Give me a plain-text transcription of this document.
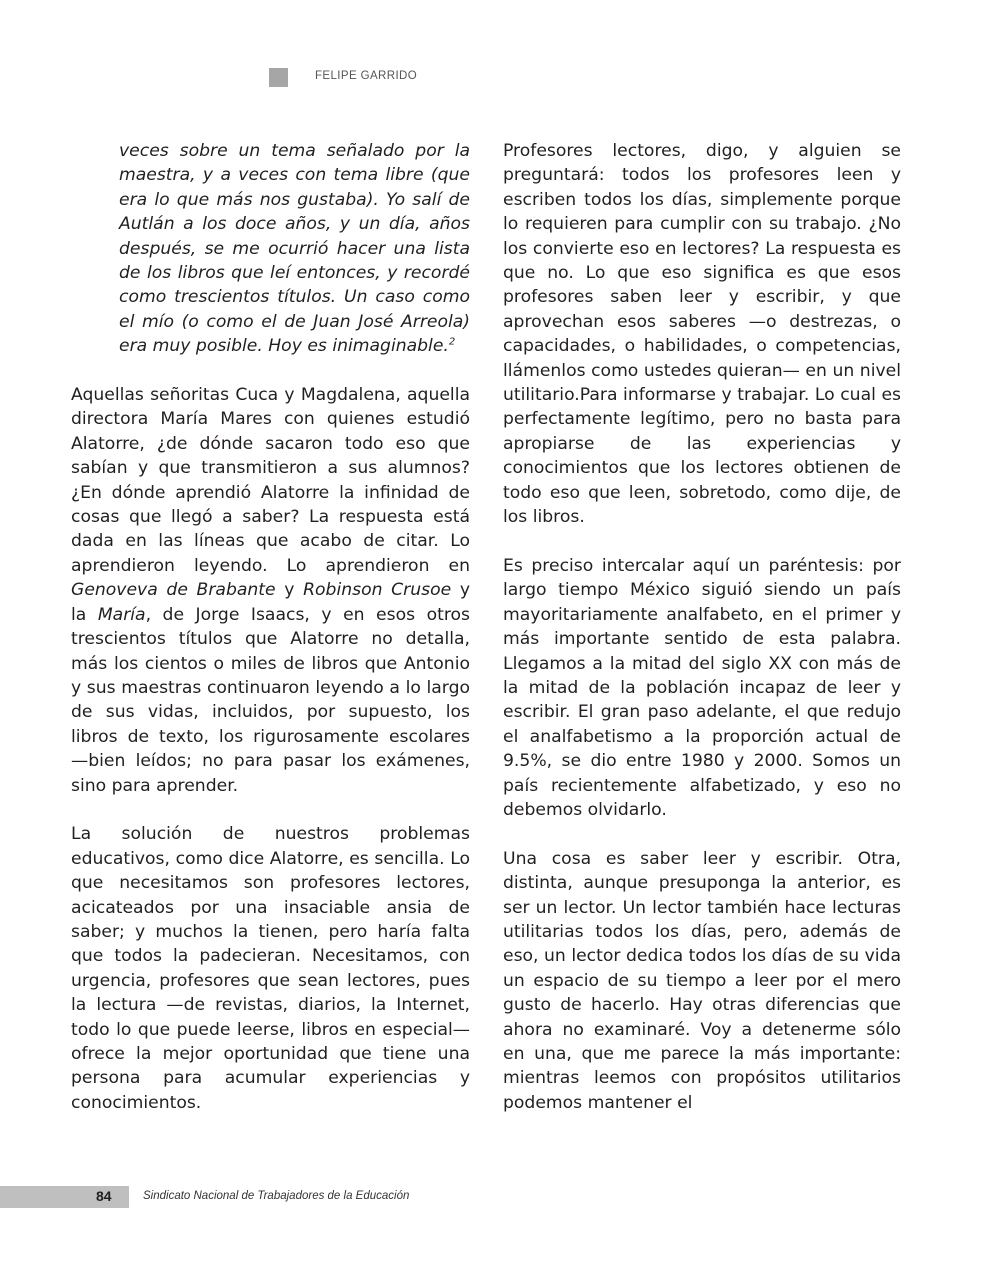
FELIPE GARRIDO

veces sobre un tema señalado por la maestra, y a veces con tema libre (que era lo que más nos gustaba). Yo salí de Autlán a los doce años, y un día, años después, se me ocurrió hacer una lista de los libros que leí entonces, y recordé como trescientos títulos. Un caso como el mío (o como el de Juan José Arreola) era muy posible. Hoy es inimaginable.$^2$

Aquellas señoritas Cuca y Magdalena, aquella directora María Mares con quienes estudió Alatorre, ¿de dónde sacaron todo eso que sabían y que transmitieron a sus alumnos? ¿En dónde aprendió Alatorre la infinidad de cosas que llegó a saber? La respuesta está dada en las líneas que acabo de citar. Lo aprendieron leyendo. Lo aprendieron en Genoveva de Brabante y Robinson Crusoe y la María, de Jorge Isaacs, y en esos otros trescientos títulos que Alatorre no detalla, más los cientos o miles de libros que Antonio y sus maestras continuaron leyendo a lo largo de sus vidas, incluidos, por supuesto, los libros de texto, los rigurosamente escolares —bien leídos; no para pasar los exámenes, sino para aprender.

La solución de nuestros problemas educativos, como dice Alatorre, es sencilla. Lo que necesitamos son profesores lectores, acicateados por una insaciable ansia de saber; y muchos la tienen, pero haría falta que todos la padecieran. Necesitamos, con urgencia, profesores que sean lectores, pues la lectura —de revistas, diarios, la Internet, todo lo que puede leerse, libros en especial— ofrece la mejor oportunidad que tiene una persona para acumular experiencias y conocimientos.

Profesores lectores, digo, y alguien se preguntará: todos los profesores leen y escriben todos los días, simplemente porque lo requieren para cumplir con su trabajo. ¿No los convierte eso en lectores? La respuesta es que no. Lo que eso significa es que esos profesores saben leer y escribir, y que aprovechan esos saberes —o destrezas, o capacidades, o habilidades, o competencias, llámenlos como ustedes quieran— en un nivel utilitario.Para informarse y trabajar. Lo cual es perfectamente legítimo, pero no basta para apropiarse de las experiencias y conocimientos que los lectores obtienen de todo eso que leen, sobretodo, como dije, de los libros.

Es preciso intercalar aquí un paréntesis: por largo tiempo México siguió siendo un país mayoritariamente analfabeto, en el primer y más importante sentido de esta palabra. Llegamos a la mitad del siglo XX con más de la mitad de la población incapaz de leer y escribir. El gran paso adelante, el que redujo el analfabetismo a la proporción actual de 9.5%, se dio entre 1980 y 2000. Somos un país recientemente alfabetizado, y eso no debemos olvidarlo.

Una cosa es saber leer y escribir. Otra, distinta, aunque presuponga la anterior, es ser un lector. Un lector también hace lecturas utilitarias todos los días, pero, además de eso, un lector dedica todos los días de su vida un espacio de su tiempo a leer por el mero gusto de hacerlo. Hay otras diferencias que ahora no examinaré. Voy a detenerme sólo en una, que me parece la más importante: mientras leemos con propósitos utilitarios podemos mantener el

84	Sindicato Nacional de Trabajadores de la Educación
